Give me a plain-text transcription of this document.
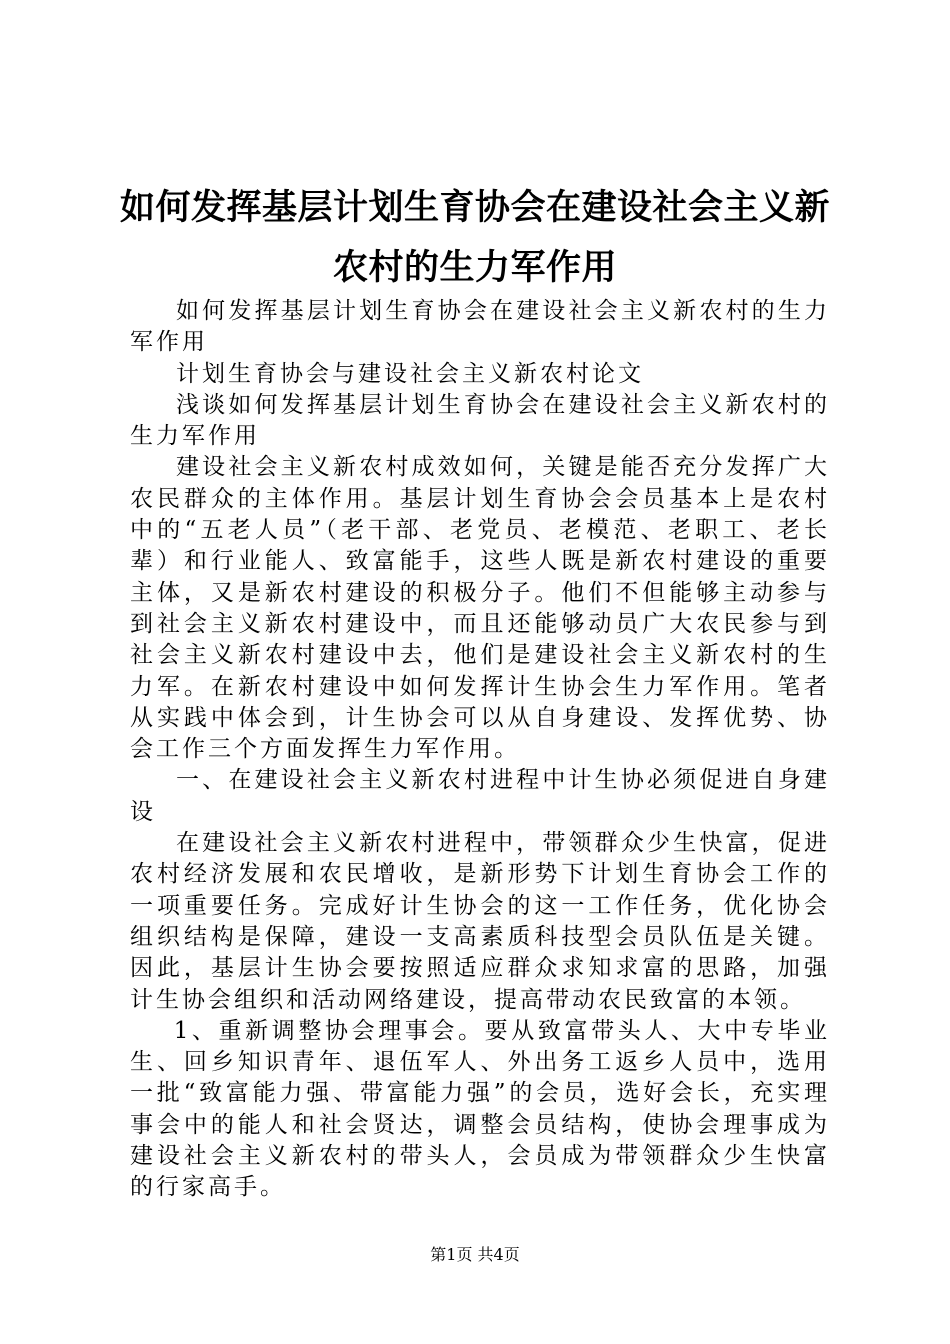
如何发挥基层计划生育协会在建设社会主义新农村的生力军作用

如何发挥基层计划生育协会在建设社会主义新农村的生力军作用

计划生育协会与建设社会主义新农村论文

浅谈如何发挥基层计划生育协会在建设社会主义新农村的生力军作用

建设社会主义新农村成效如何，关键是能否充分发挥广大农民群众的主体作用。基层计划生育协会会员基本上是农村中的“五老人员”（老干部、老党员、老模范、老职工、老长辈）和行业能人、致富能手，这些人既是新农村建设的重要主体，又是新农村建设的积极分子。他们不但能够主动参与到社会主义新农村建设中，而且还能够动员广大农民参与到社会主义新农村建设中去，他们是建设社会主义新农村的生力军。在新农村建设中如何发挥计生协会生力军作用。笔者从实践中体会到，计生协会可以从自身建设、发挥优势、协会工作三个方面发挥生力军作用。

一、在建设社会主义新农村进程中计生协必须促进自身建设

在建设社会主义新农村进程中，带领群众少生快富，促进农村经济发展和农民增收，是新形势下计划生育协会工作的一项重要任务。完成好计生协会的这一工作任务，优化协会组织结构是保障，建设一支高素质科技型会员队伍是关键。因此，基层计生协会要按照适应群众求知求富的思路，加强计生协会组织和活动网络建设，提高带动农民致富的本领。

1、重新调整协会理事会。要从致富带头人、大中专毕业生、回乡知识青年、退伍军人、外出务工返乡人员中，选用一批“致富能力强、带富能力强”的会员，选好会长，充实理事会中的能人和社会贤达，调整会员结构，使协会理事成为建设社会主义新农村的带头人，会员成为带领群众少生快富的行家高手。

第1页 共4页
